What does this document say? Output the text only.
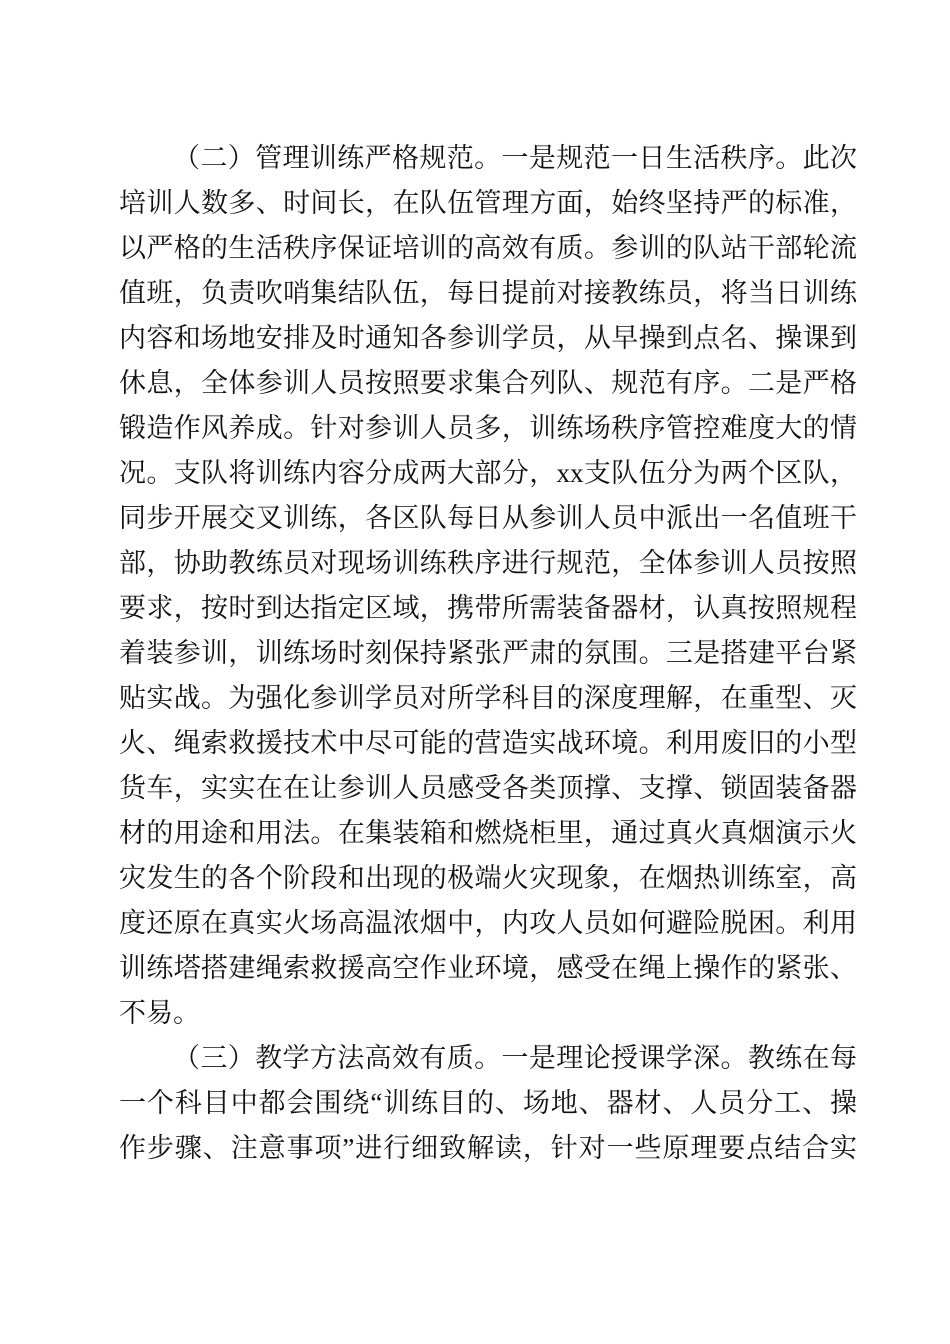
（二）管理训练严格规范。一是规范一日生活秩序。此次
培训人数多、时间长，在队伍管理方面，始终坚持严的标准，
以严格的生活秩序保证培训的高效有质。参训的队站干部轮流
值班，负责吹哨集结队伍，每日提前对接教练员，将当日训练
内容和场地安排及时通知各参训学员，从早操到点名、操课到
休息，全体参训人员按照要求集合列队、规范有序。二是严格
锻造作风养成。针对参训人员多，训练场秩序管控难度大的情
况。支队将训练内容分成两大部分，xx支队伍分为两个区队，
同步开展交叉训练，各区队每日从参训人员中派出一名值班干
部，协助教练员对现场训练秩序进行规范，全体参训人员按照
要求，按时到达指定区域，携带所需装备器材，认真按照规程
着装参训，训练场时刻保持紧张严肃的氛围。三是搭建平台紧
贴实战。为强化参训学员对所学科目的深度理解，在重型、灭
火、绳索救援技术中尽可能的营造实战环境。利用废旧的小型
货车，实实在在让参训人员感受各类顶撑、支撑、锁固装备器
材的用途和用法。在集装箱和燃烧柜里，通过真火真烟演示火
灾发生的各个阶段和出现的极端火灾现象，在烟热训练室，高
度还原在真实火场高温浓烟中，内攻人员如何避险脱困。利用
训练塔搭建绳索救援高空作业环境，感受在绳上操作的紧张、
不易。
（三）教学方法高效有质。一是理论授课学深。教练在每
一个科目中都会围绕“训练目的、场地、器材、人员分工、操
作步骤、注意事项”进行细致解读，针对一些原理要点结合实
